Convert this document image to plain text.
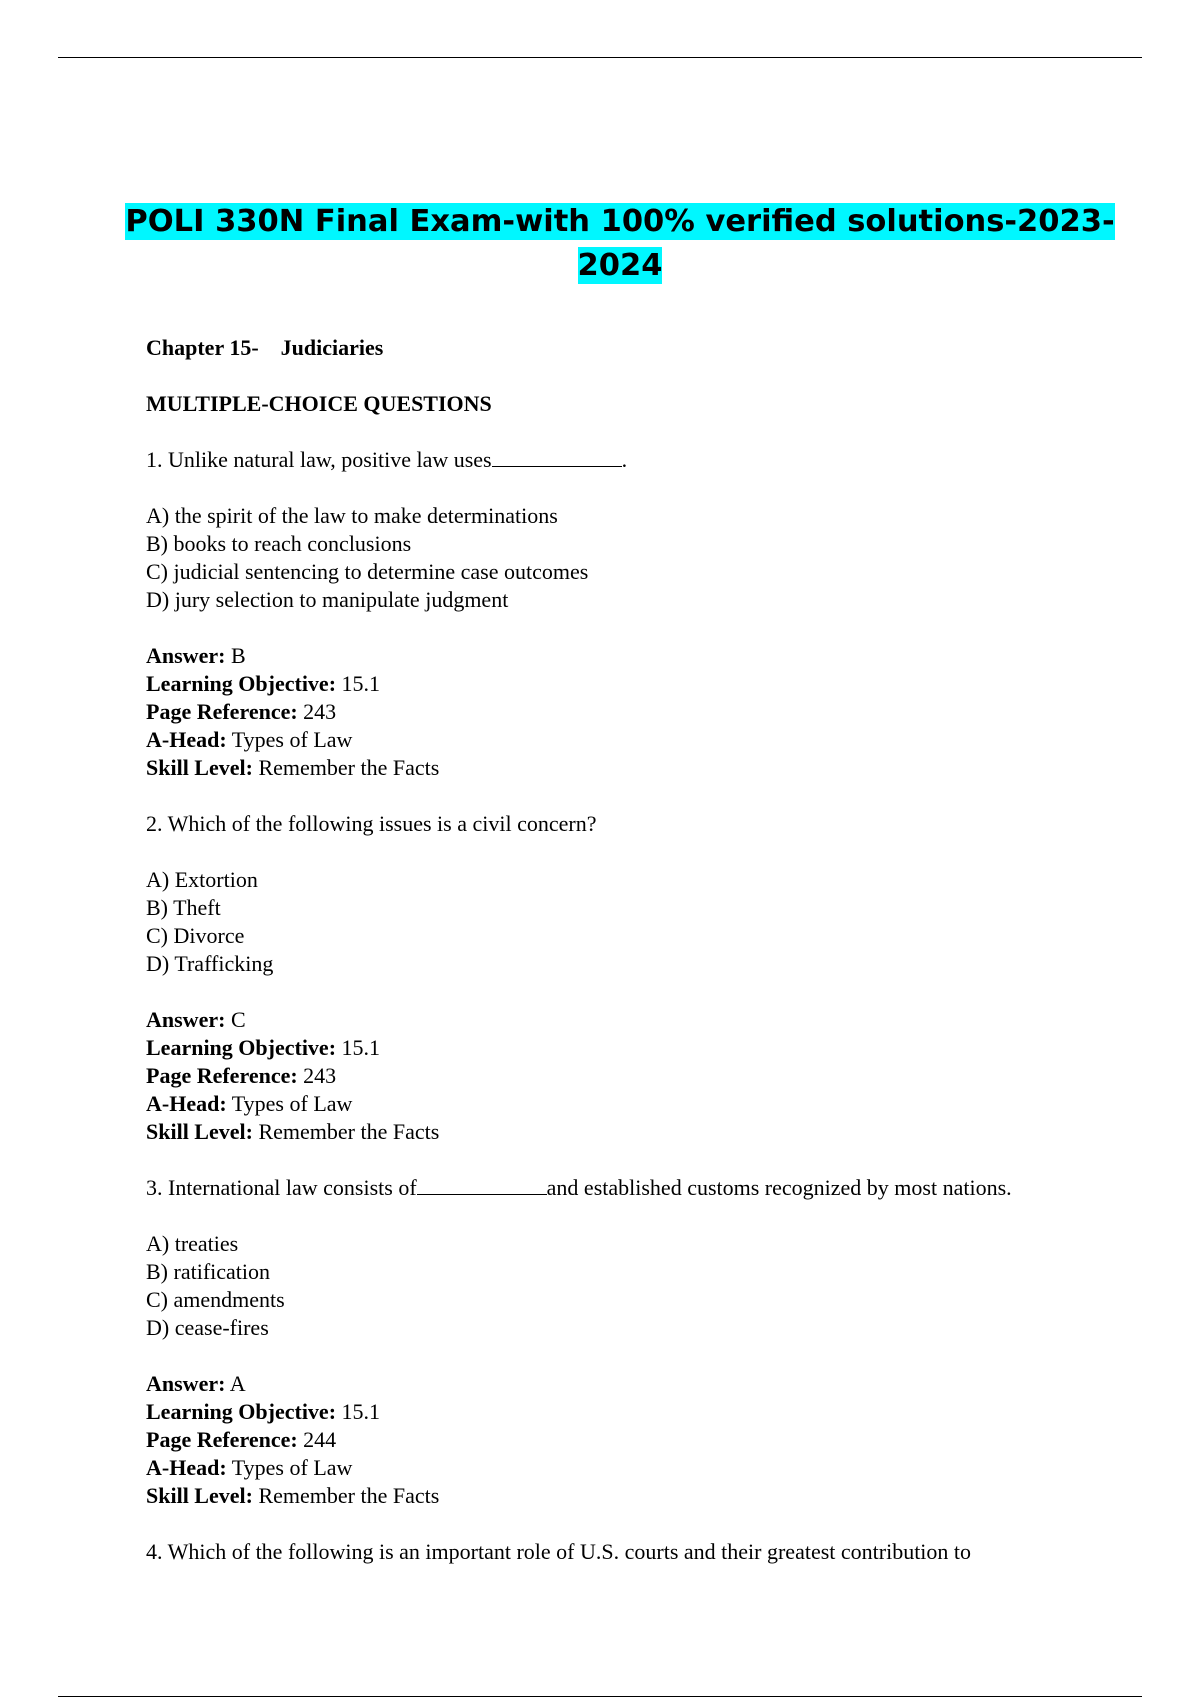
POLI 330N Final Exam-with 100% verified solutions-2023-2024

Chapter 15- Judiciaries

MULTIPLE-CHOICE QUESTIONS

1. Unlike natural law, positive law uses	.

A) the spirit of the law to make determinations
B) books to reach conclusions
C) judicial sentencing to determine case outcomes
D) jury selection to manipulate judgment
Answer: B
Learning Objective: 15.1
Page Reference: 243
A-Head: Types of Law
Skill Level: Remember the Facts

2. Which of the following issues is a civil concern?

A) Extortion
B) Theft
C) Divorce
D) Trafficking
Answer: C
Learning Objective: 15.1
Page Reference: 243
A-Head: Types of Law
Skill Level: Remember the Facts

3. International law consists of	and established customs recognized by most nations.

A) treaties
B) ratification
C) amendments
D) cease-fires
Answer: A
Learning Objective: 15.1
Page Reference: 244
A-Head: Types of Law
Skill Level: Remember the Facts

4. Which of the following is an important role of U.S. courts and their greatest contribution to
